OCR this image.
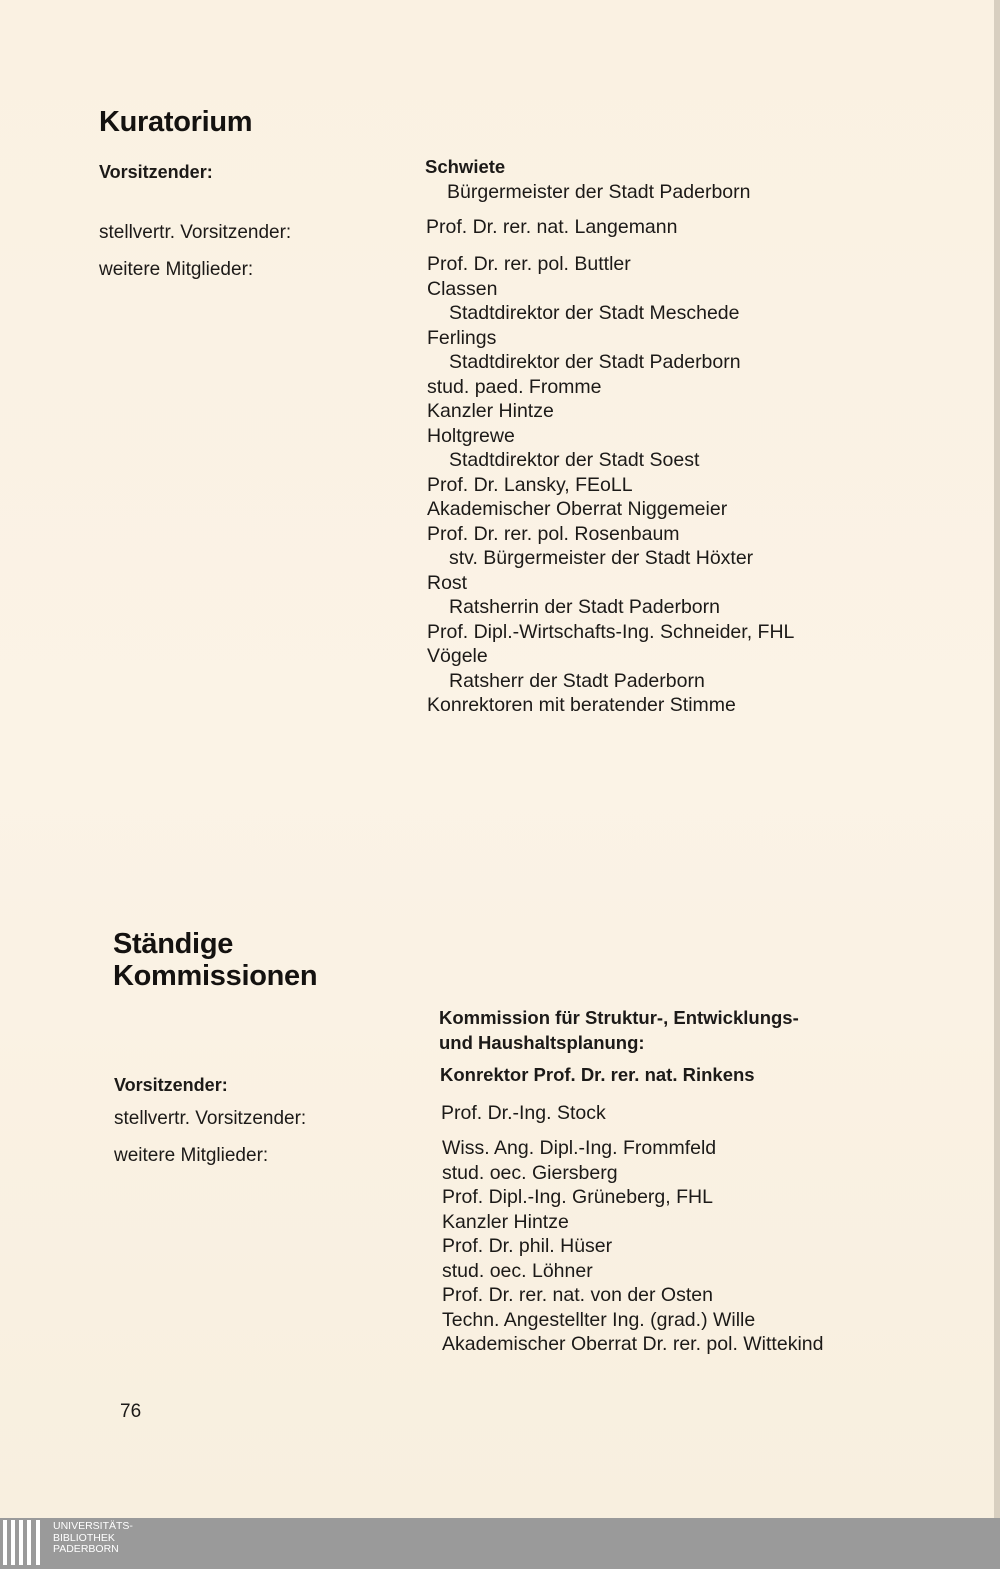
Kuratorium
Vorsitzender:
stellvertr. Vorsitzender:
weitere Mitglieder:
Schwiete
Bürgermeister der Stadt Paderborn
Prof. Dr. rer. nat. Langemann
Prof. Dr. rer. pol. Buttler
Classen
Stadtdirektor der Stadt Meschede
Ferlings
Stadtdirektor der Stadt Paderborn
stud. paed. Fromme
Kanzler Hintze
Holtgrewe
Stadtdirektor der Stadt Soest
Prof. Dr. Lansky, FEoLL
Akademischer Oberrat Niggemeier
Prof. Dr. rer. pol. Rosenbaum
stv. Bürgermeister der Stadt Höxter
Rost
Ratsherrin der Stadt Paderborn
Prof. Dipl.-Wirtschafts-Ing. Schneider, FHL
Vögele
Ratsherr der Stadt Paderborn
Konrektoren mit beratender Stimme
Ständige
Kommissionen
Kommission für Struktur-, Entwicklungs-
und Haushaltsplanung:
Vorsitzender:
stellvertr. Vorsitzender:
weitere Mitglieder:
Konrektor Prof. Dr. rer. nat. Rinkens
Prof. Dr.-Ing. Stock
Wiss. Ang. Dipl.-Ing. Frommfeld
stud. oec. Giersberg
Prof. Dipl.-Ing. Grüneberg, FHL
Kanzler Hintze
Prof. Dr. phil. Hüser
stud. oec. Löhner
Prof. Dr. rer. nat. von der Osten
Techn. Angestellter Ing. (grad.) Wille
Akademischer Oberrat Dr. rer. pol. Wittekind
76
UNIVERSITÄTS-
BIBLIOTHEK
PADERBORN
